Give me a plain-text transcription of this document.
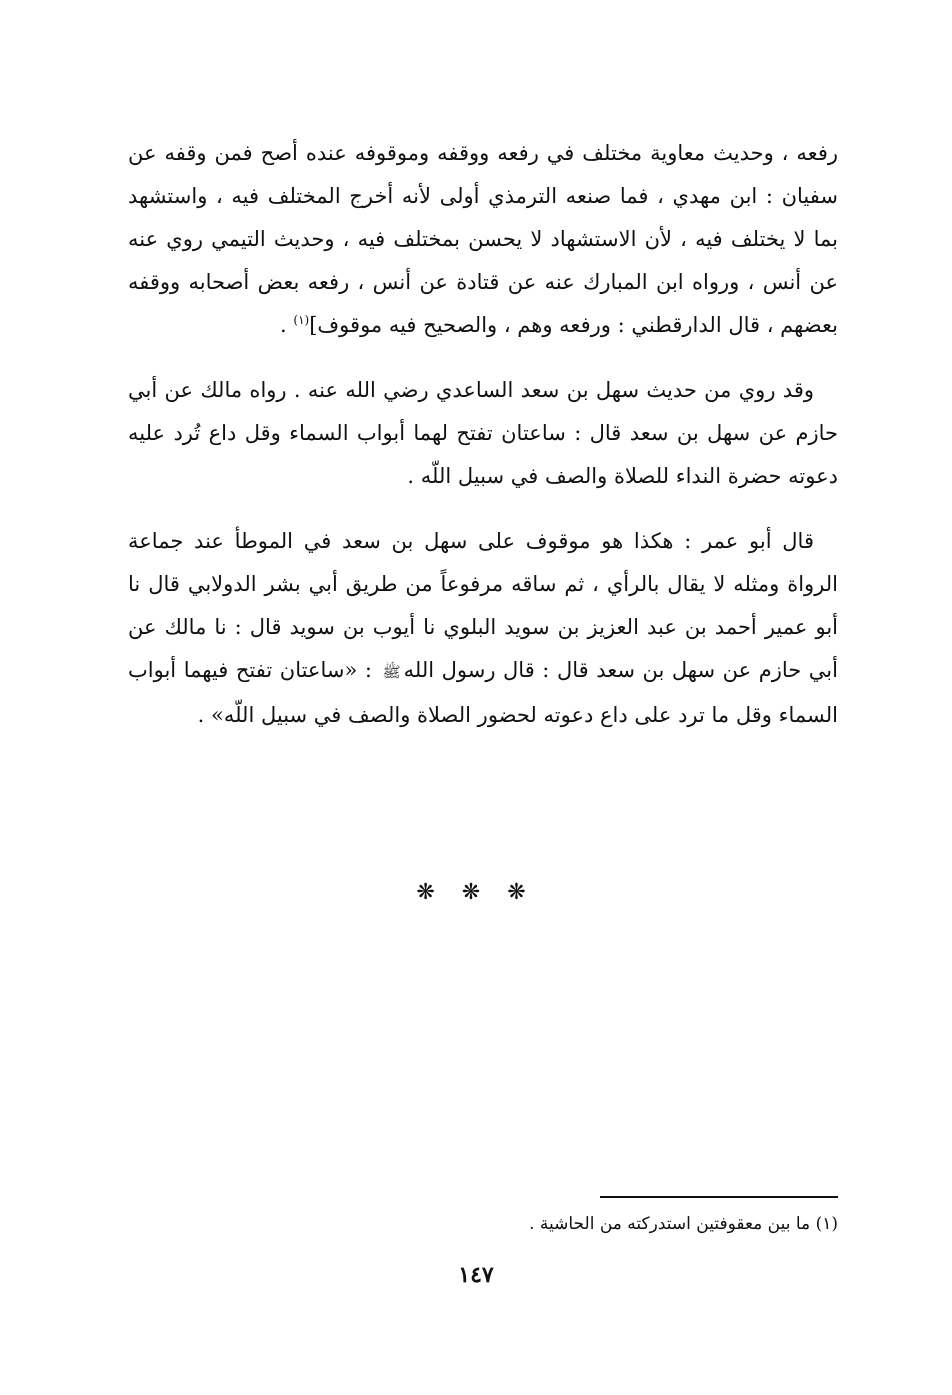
رفعه ، وحديث معاوية مختلف في رفعه ووقفه وموقوفه عنده أصح فمن وقفه عن سفيان : ابن مهدي ، فما صنعه الترمذي أولى لأنه أخرج المختلف فيه ، واستشهد بما لا يختلف فيه ، لأن الاستشهاد لا يحسن بمختلف فيه ، وحديث التيمي روي عنه عن أنس ، ورواه ابن المبارك عنه عن قتادة عن أنس ، رفعه بعض أصحابه ووقفه بعضهم ، قال الدارقطني : ورفعه وهم ، والصحيح فيه موقوف]$^{(١)}$ .

وقد روي من حديث سهل بن سعد الساعدي رضي الله عنه . رواه مالك عن أبي حازم عن سهل بن سعد قال : ساعتان تفتح لهما أبواب السماء وقل داع تُرد عليه دعوته حضرة النداء للصلاة والصف في سبيل اللّه .

قال أبو عمر : هكذا هو موقوف على سهل بن سعد في الموطأ عند جماعة الرواة ومثله لا يقال بالرأي ، ثم ساقه مرفوعاً من طريق أبي بشر الدولابي قال نا أبو عمير أحمد بن عبد العزيز بن سويد البلوي نا أيوب بن سويد قال : نا مالك عن أبي حازم عن سهل بن سعد قال : قال رسول اللهﷺ : «ساعتان تفتح فيهما أبواب السماء وقل ما ترد على داع دعوته لحضور الصلاة والصف في سبيل اللّه» .

❋ ❋ ❋
(١) ما بين معقوفتين استدركته من الحاشية .
١٤٧
